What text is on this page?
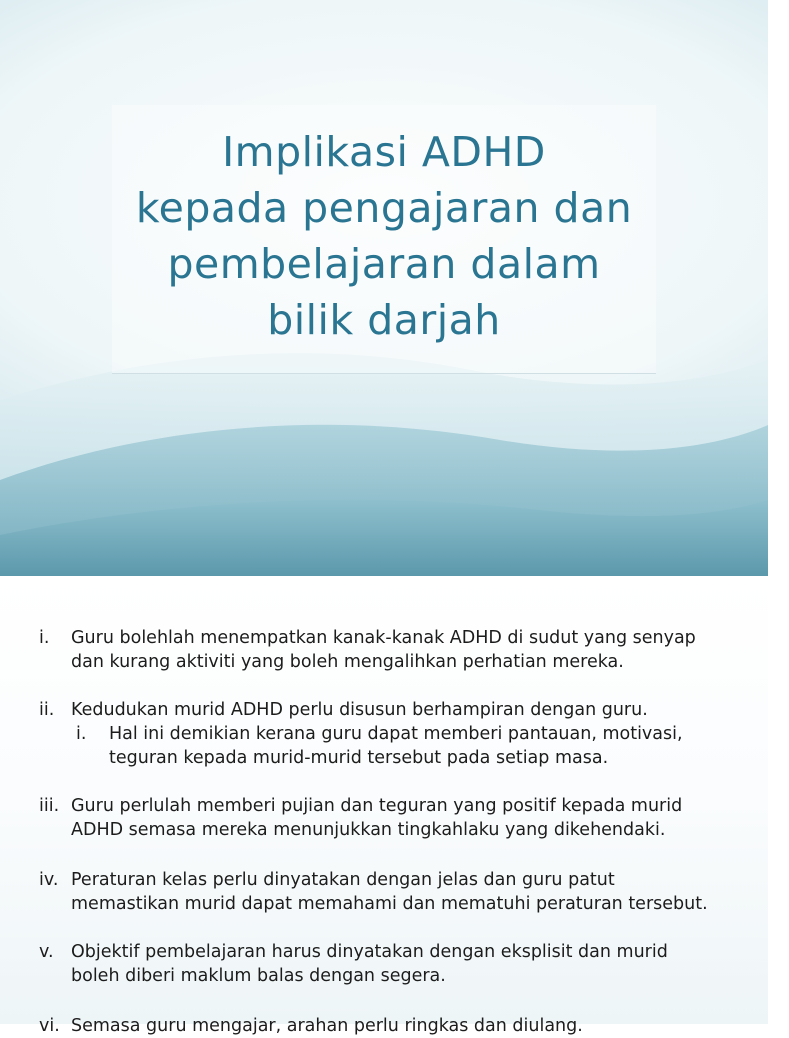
Implikasi ADHD
kepada pengajaran dan
pembelajaran dalam
bilik darjah
i. Guru bolehlah menempatkan kanak-kanak ADHD di sudut yang senyap
dan kurang aktiviti yang boleh mengalihkan perhatian mereka.
ii. Kedudukan murid ADHD perlu disusun berhampiran dengan guru.
i. Hal ini demikian kerana guru dapat memberi pantauan, motivasi,
teguran kepada murid-murid tersebut pada setiap masa.
iii. Guru perlulah memberi pujian dan teguran yang positif kepada murid
ADHD semasa mereka menunjukkan tingkahlaku yang dikehendaki.
iv. Peraturan kelas perlu dinyatakan dengan jelas dan guru patut
memastikan murid dapat memahami dan mematuhi peraturan tersebut.
v. Objektif pembelajaran harus dinyatakan dengan eksplisit dan murid
boleh diberi maklum balas dengan segera.
vi. Semasa guru mengajar, arahan perlu ringkas dan diulang.
